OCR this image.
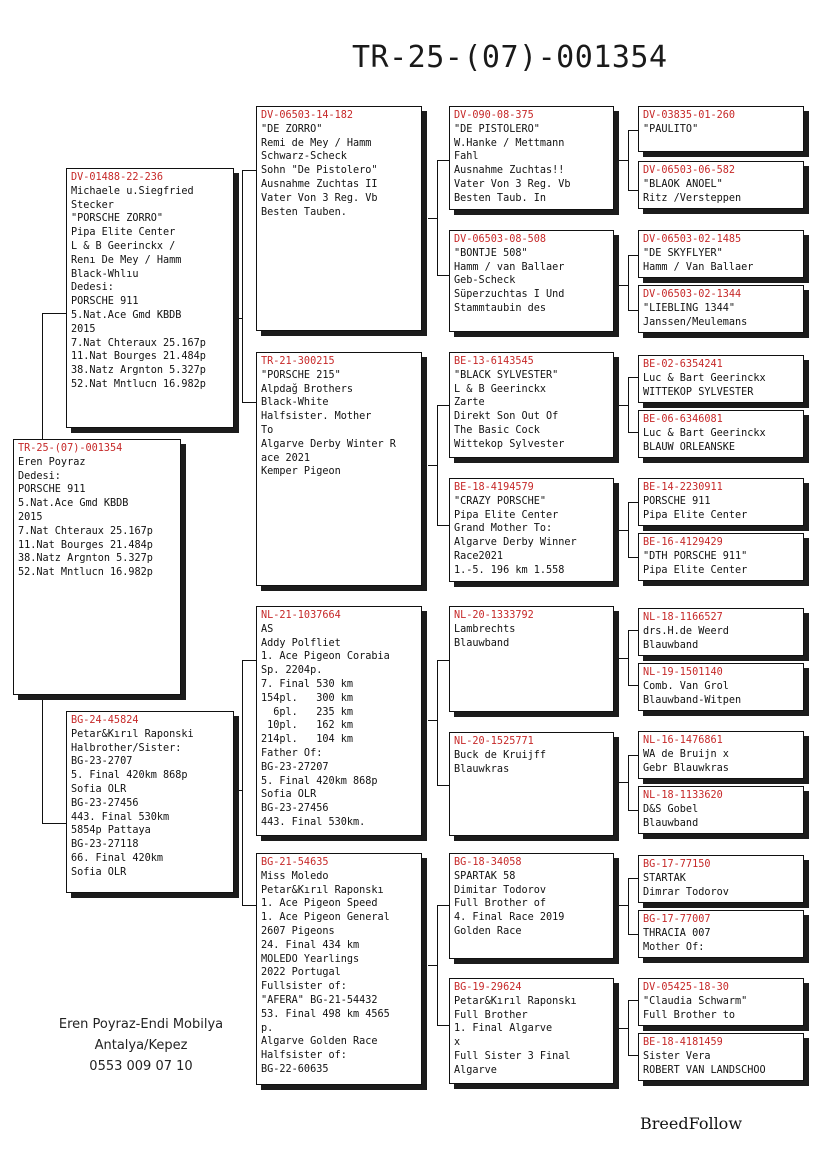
TR-25-(07)-001354
TR-25-(07)-001354
Eren Poyraz
Dedesi:
PORSCHE 911
5.Nat.Ace Gmd KBDB
2015
7.Nat Chteraux 25.167p
11.Nat Bourges 21.484p
38.Natz Argnton 5.327p
52.Nat Mntlucn 16.982p
DV-01488-22-236
Michaele u.Siegfried
Stecker
"PORSCHE ZORRO"
Pipa Elite Center
L & B Geerinckx /
Renı De Mey / Hamm
Black-Whlıu
Dedesi:
PORSCHE 911
5.Nat.Ace Gmd KBDB
2015
7.Nat Chteraux 25.167p
11.Nat Bourges 21.484p
38.Natz Argnton 5.327p
52.Nat Mntlucn 16.982p
BG-24-45824
Petar&Kırıl Raponski
Halbrother/Sister:
BG-23-2707
5. Final 420km 868p
Sofia OLR
BG-23-27456
443. Final 530km
5854p Pattaya
BG-23-27118
66. Final 420km
Sofia OLR
DV-06503-14-182
"DE ZORRO"
Remi de Mey / Hamm
Schwarz-Scheck
Sohn "De Pistolero"
Ausnahme Zuchtas II
Vater Von 3 Reg. Vb
Besten Tauben.
TR-21-300215
"PORSCHE 215"
Alpdağ Brothers
Black-White
Halfsister. Mother
To
Algarve Derby Winter R
ace 2021
Kemper Pigeon
NL-21-1037664
AS
Addy Polfliet
1. Ace Pigeon Corabia
Sp. 2204p.
7. Final 530 km
154pl.   300 km
6pl.   235 km
10pl.   162 km
214pl.   104 km
Father Of:
BG-23-27207
5. Final 420km 868p
Sofia OLR
BG-23-27456
443. Final 530km.
BG-21-54635
Miss Moledo
Petar&Kırıl Raponskı
1. Ace Pigeon Speed
1. Ace Pigeon General
2607 Pigeons
24. Final 434 km
MOLEDO Yearlings
2022 Portugal
Fullsister of:
"AFERA" BG-21-54432
53. Final 498 km 4565
p.
Algarve Golden Race
Halfsister of:
BG-22-60635
DV-090-08-375
"DE PISTOLERO"
W.Hanke / Mettmann
Fahl
Ausnahme Zuchtas!!
Vater Von 3 Reg. Vb
Besten Taub. In
DV-06503-08-508
"BONTJE 508"
Hamm / van Ballaer
Geb-Scheck
Süperzuchtas I Und
Stammtaubin des
BE-13-6143545
"BLACK SYLVESTER"
L & B Geerinckx
Zarte
Direkt Son Out Of
The Basic Cock
Wittekop Sylvester
BE-18-4194579
"CRAZY PORSCHE"
Pipa Elite Center
Grand Mother To:
Algarve Derby Winner
Race2021
1.-5. 196 km 1.558
NL-20-1333792
Lambrechts
Blauwband
NL-20-1525771
Buck de Kruijff
Blauwkras
BG-18-34058
SPARTAK 58
Dimitar Todorov
Full Brother of
4. Final Race 2019
Golden Race
BG-19-29624
Petar&Kırıl Raponskı
Full Brother
1. Final Algarve
x
Full Sister 3 Final
Algarve
DV-03835-01-260
"PAULITO"
DV-06503-06-582
"BLAOK ANOEL"
Ritz /Versteppen
DV-06503-02-1485
"DE SKYFLYER"
Hamm / Van Ballaer
DV-06503-02-1344
"LIEBLING 1344"
Janssen/Meulemans
BE-02-6354241
Luc & Bart Geerinckx
WITTEKOP SYLVESTER
BE-06-6346081
Luc & Bart Geerinckx
BLAUW ORLEANSKE
BE-14-2230911
PORSCHE 911
Pipa Elite Center
BE-16-4129429
"DTH PORSCHE 911"
Pipa Elite Center
NL-18-1166527
drs.H.de Weerd
Blauwband
NL-19-1501140
Comb. Van Grol
Blauwband-Witpen
NL-16-1476861
WA de Bruijn x
Gebr Blauwkras
NL-18-1133620
D&S Gobel
Blauwband
BG-17-77150
STARTAK
Dimrar Todorov
BG-17-77007
THRACIA 007
Mother Of:
DV-05425-18-30
"Claudia Schwarm"
Full Brother to
BE-18-4181459
Sister Vera
ROBERT VAN LANDSCHOO
Eren Poyraz-Endi Mobilya
Antalya/Kepez
0553 009 07 10
BreedFollow
